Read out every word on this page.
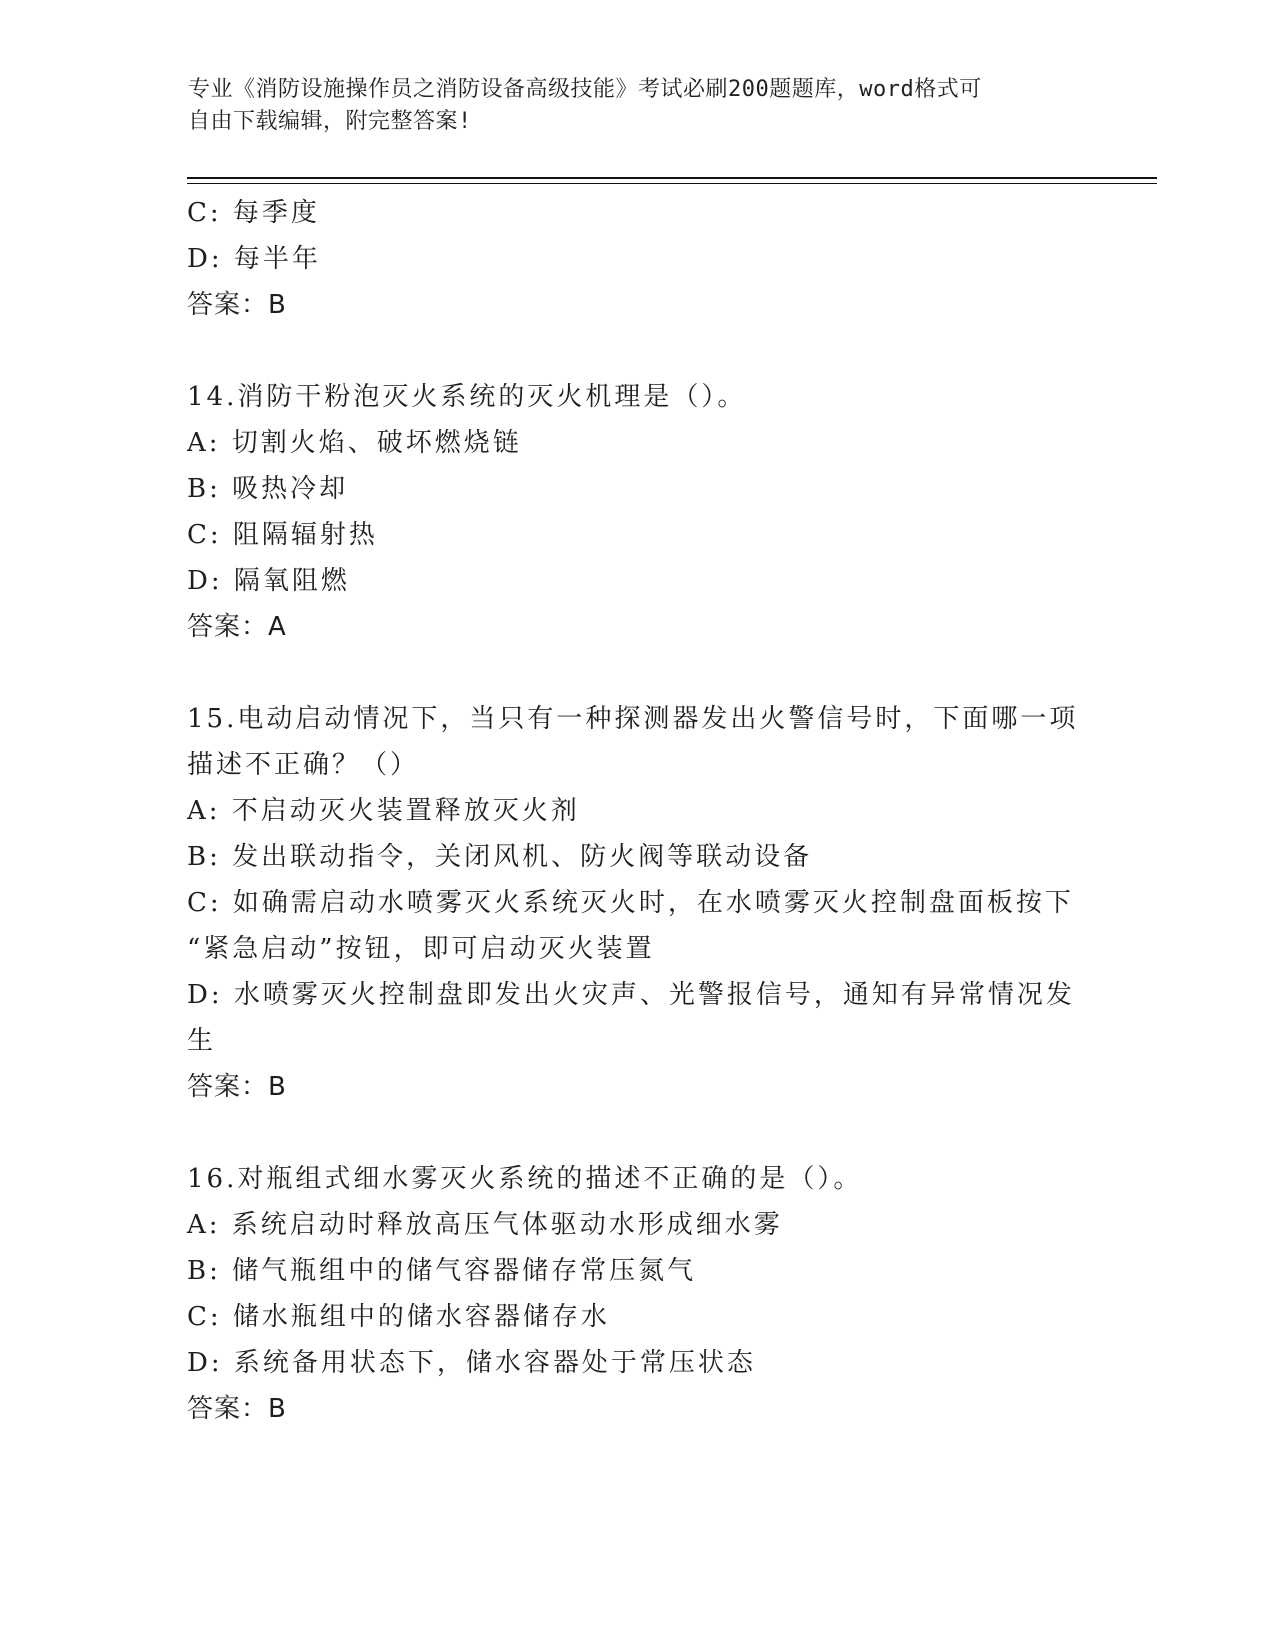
专业《消防设施操作员之消防设备高级技能》考试必刷200题题库，word格式可
自由下载编辑，附完整答案!
C: 每季度
D: 每半年
答案：B
14.消防干粉泡灭火系统的灭火机理是（）。
A: 切割火焰、破坏燃烧链
B: 吸热冷却
C: 阻隔辐射热
D: 隔氧阻燃
答案：A
15.电动启动情况下，当只有一种探测器发出火警信号时，下面哪一项
描述不正确？（）
A: 不启动灭火装置释放灭火剂
B: 发出联动指令，关闭风机、防火阀等联动设备
C: 如确需启动水喷雾灭火系统灭火时，在水喷雾灭火控制盘面板按下
“紧急启动”按钮，即可启动灭火装置
D: 水喷雾灭火控制盘即发出火灾声、光警报信号，通知有异常情况发
生
答案：B
16.对瓶组式细水雾灭火系统的描述不正确的是（）。
A: 系统启动时释放高压气体驱动水形成细水雾
B: 储气瓶组中的储气容器储存常压氮气
C: 储水瓶组中的储水容器储存水
D: 系统备用状态下，储水容器处于常压状态
答案：B
